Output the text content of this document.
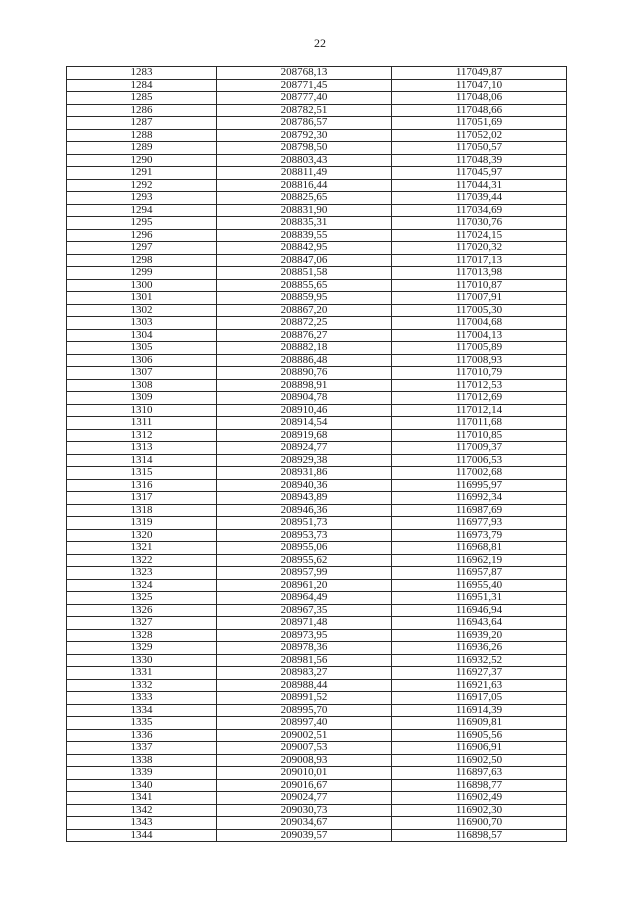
22
1283	208768,13	117049,87
1284	208771,45	117047,10
1285	208777,40	117048,06
1286	208782,51	117048,66
1287	208786,57	117051,69
1288	208792,30	117052,02
1289	208798,50	117050,57
1290	208803,43	117048,39
1291	208811,49	117045,97
1292	208816,44	117044,31
1293	208825,65	117039,44
1294	208831,90	117034,69
1295	208835,31	117030,76
1296	208839,55	117024,15
1297	208842,95	117020,32
1298	208847,06	117017,13
1299	208851,58	117013,98
1300	208855,65	117010,87
1301	208859,95	117007,91
1302	208867,20	117005,30
1303	208872,25	117004,68
1304	208876,27	117004,13
1305	208882,18	117005,89
1306	208886,48	117008,93
1307	208890,76	117010,79
1308	208898,91	117012,53
1309	208904,78	117012,69
1310	208910,46	117012,14
1311	208914,54	117011,68
1312	208919,68	117010,85
1313	208924,77	117009,37
1314	208929,38	117006,53
1315	208931,86	117002,68
1316	208940,36	116995,97
1317	208943,89	116992,34
1318	208946,36	116987,69
1319	208951,73	116977,93
1320	208953,73	116973,79
1321	208955,06	116968,81
1322	208955,62	116962,19
1323	208957,99	116957,87
1324	208961,20	116955,40
1325	208964,49	116951,31
1326	208967,35	116946,94
1327	208971,48	116943,64
1328	208973,95	116939,20
1329	208978,36	116936,26
1330	208981,56	116932,52
1331	208983,27	116927,37
1332	208988,44	116921,63
1333	208991,52	116917,05
1334	208995,70	116914,39
1335	208997,40	116909,81
1336	209002,51	116905,56
1337	209007,53	116906,91
1338	209008,93	116902,50
1339	209010,01	116897,63
1340	209016,67	116898,77
1341	209024,77	116902,49
1342	209030,73	116902,30
1343	209034,67	116900,70
1344	209039,57	116898,57
